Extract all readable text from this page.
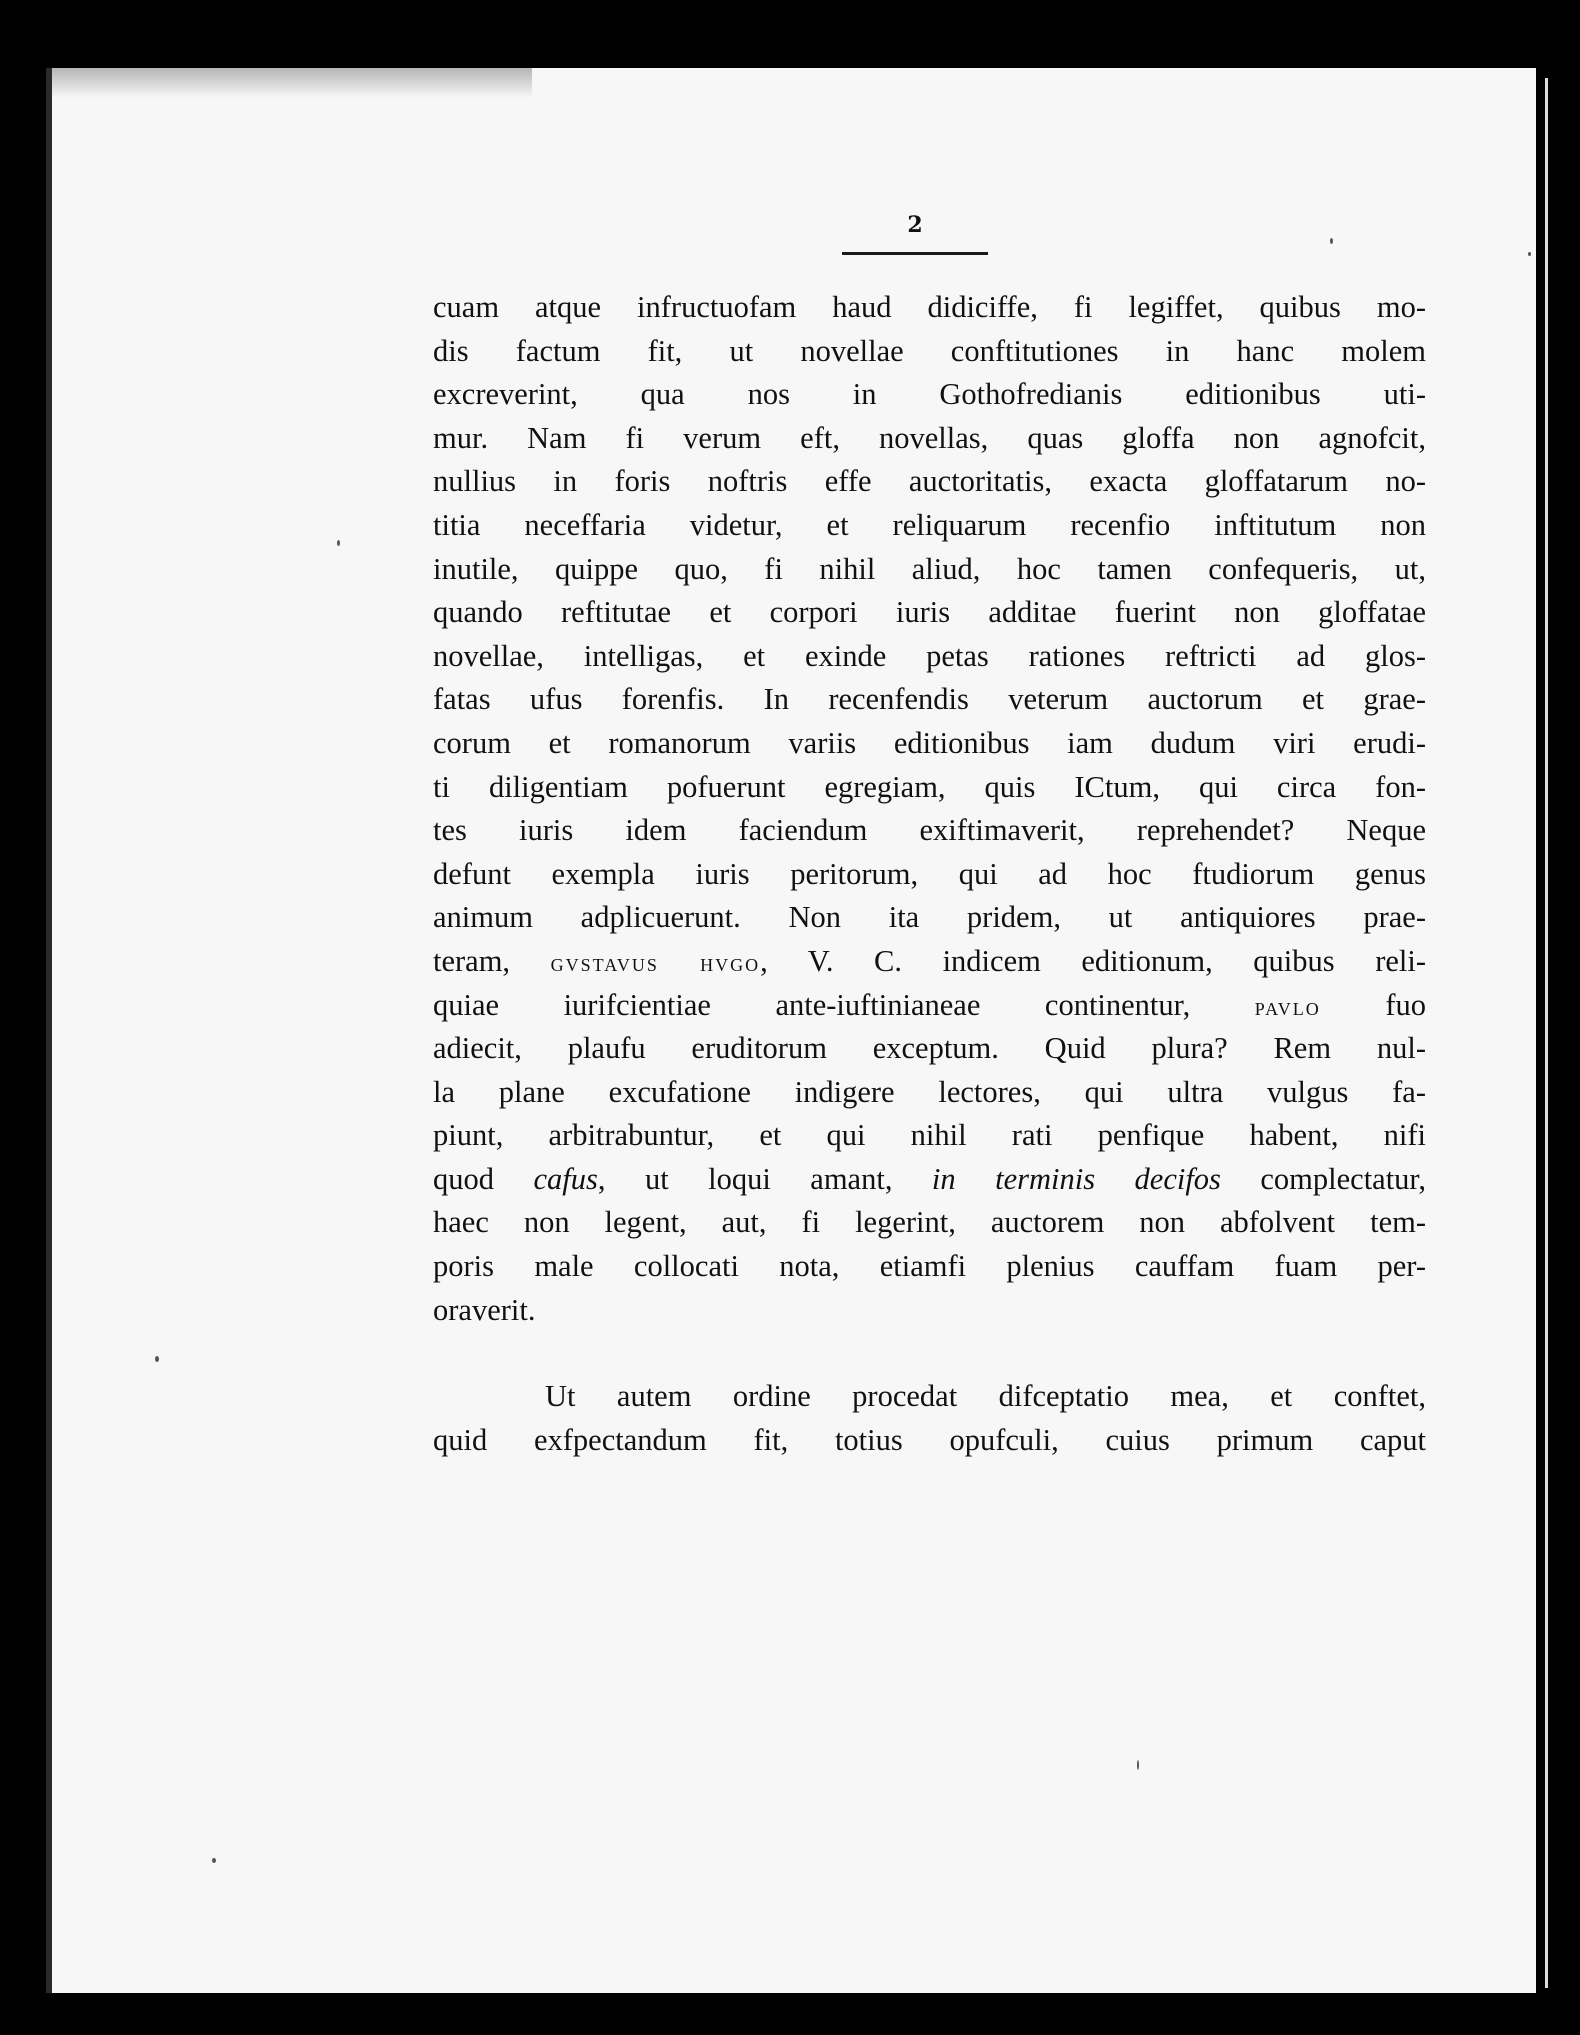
2
cuam atque infructuofam haud didiciffe, fi legiffet, quibus mo-
dis factum fit, ut novellae conftitutiones in hanc molem
excreverint, qua nos in Gothofredianis editionibus uti-
mur. Nam fi verum eft, novellas, quas gloffa non agnofcit,
nullius in foris noftris effe auctoritatis, exacta gloffatarum no-
titia neceffaria videtur, et reliquarum recenfio inftitutum non
inutile, quippe quo, fi nihil aliud, hoc tamen confequeris, ut,
quando reftitutae et corpori iuris additae fuerint non gloffatae
novellae, intelligas, et exinde petas rationes reftricti ad glos-
fatas ufus forenfis. In recenfendis veterum auctorum et grae-
corum et romanorum variis editionibus iam dudum viri erudi-
ti diligentiam pofuerunt egregiam, quis ICtum, qui circa fon-
tes iuris idem faciendum exiftimaverit, reprehendet? Neque
defunt exempla iuris peritorum, qui ad hoc ftudiorum genus
animum adplicuerunt. Non ita pridem, ut antiquiores prae-
teram, gvstavus hvgo, V. C. indicem editionum, quibus reli-
quiae iurifcientiae ante-iuftinianeae continentur, pavlo fuo
adiecit, plaufu eruditorum exceptum. Quid plura? Rem nul-
la plane excufatione indigere lectores, qui ultra vulgus fa-
piunt, arbitrabuntur, et qui nihil rati penfique habent, nifi
quod cafus, ut loqui amant, in terminis decifos complectatur,
haec non legent, aut, fi legerint, auctorem non abfolvent tem-
poris male collocati nota, etiamfi plenius cauffam fuam per-
oraverit.
Ut autem ordine procedat difceptatio mea, et conftet,
quid exfpectandum fit, totius opufculi, cuius primum caput
